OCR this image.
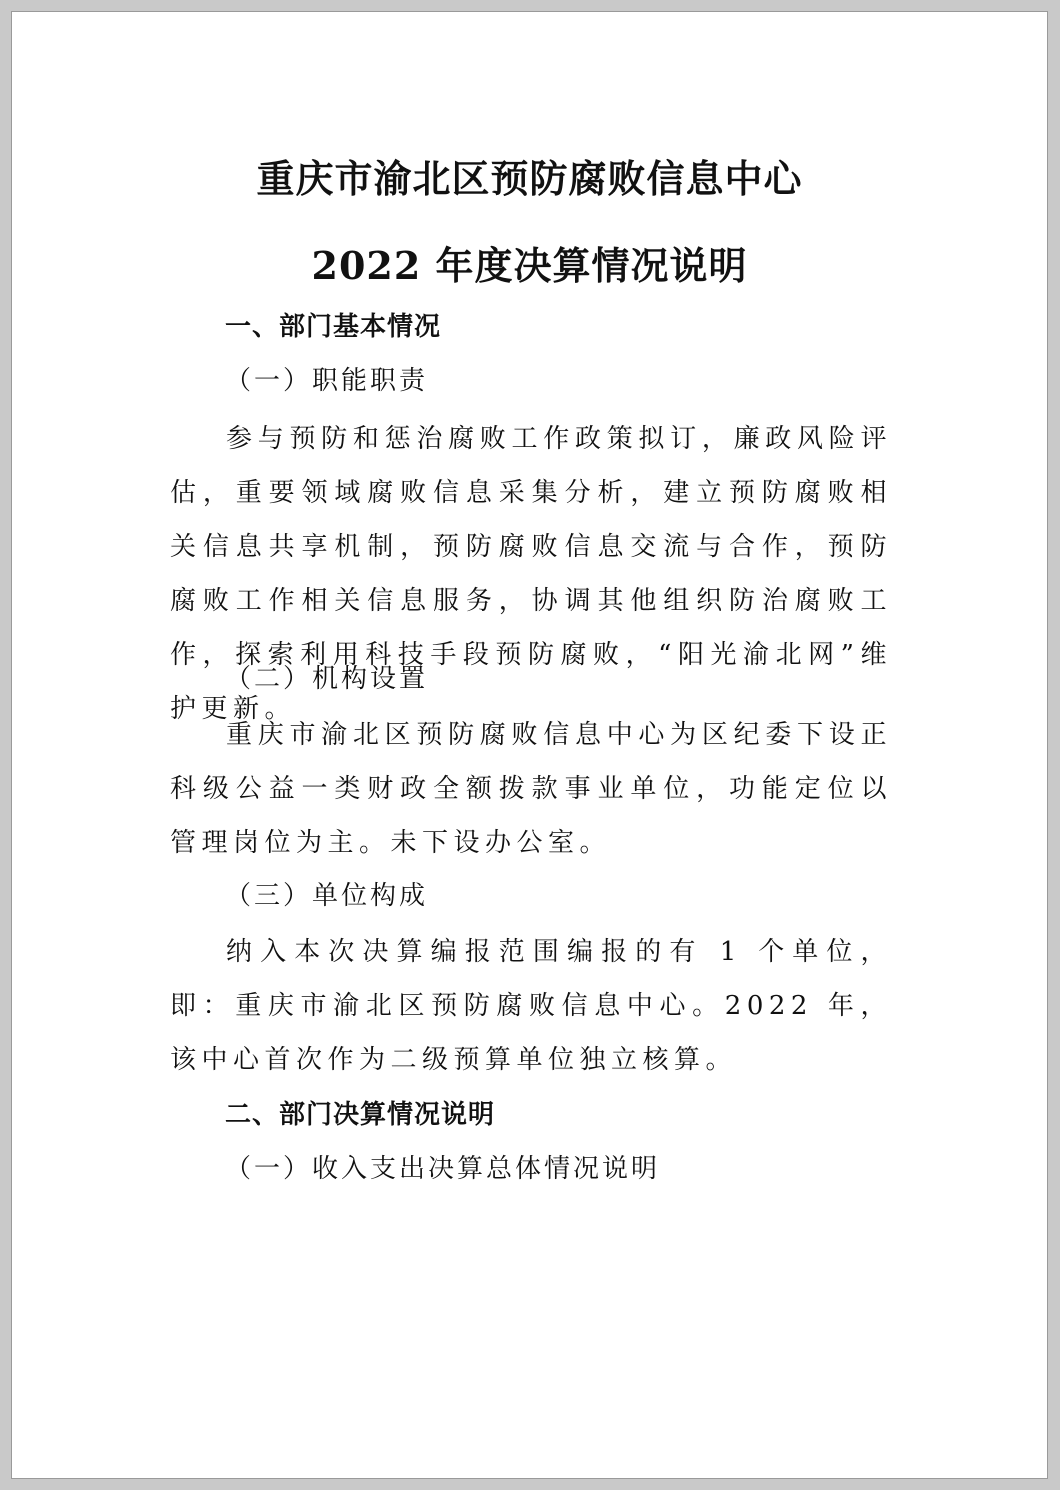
重庆市渝北区预防腐败信息中心
2022 年度决算情况说明
一、部门基本情况
（一）职能职责

参与预防和惩治腐败工作政策拟订，廉政风险评估，重要领域腐败信息采集分析，建立预防腐败相关信息共享机制，预防腐败信息交流与合作，预防腐败工作相关信息服务，协调其他组织防治腐败工作，探索利用科技手段预防腐败，“阳光渝北网”维护更新。

（二）机构设置

重庆市渝北区预防腐败信息中心为区纪委下设正科级公益一类财政全额拨款事业单位，功能定位以管理岗位为主。未下设办公室。

（三）单位构成

纳入本次决算编报范围编报的有 1 个单位，即：重庆市渝北区预防腐败信息中心。2022 年，该中心首次作为二级预算单位独立核算。

二、部门决算情况说明
（一）收入支出决算总体情况说明
